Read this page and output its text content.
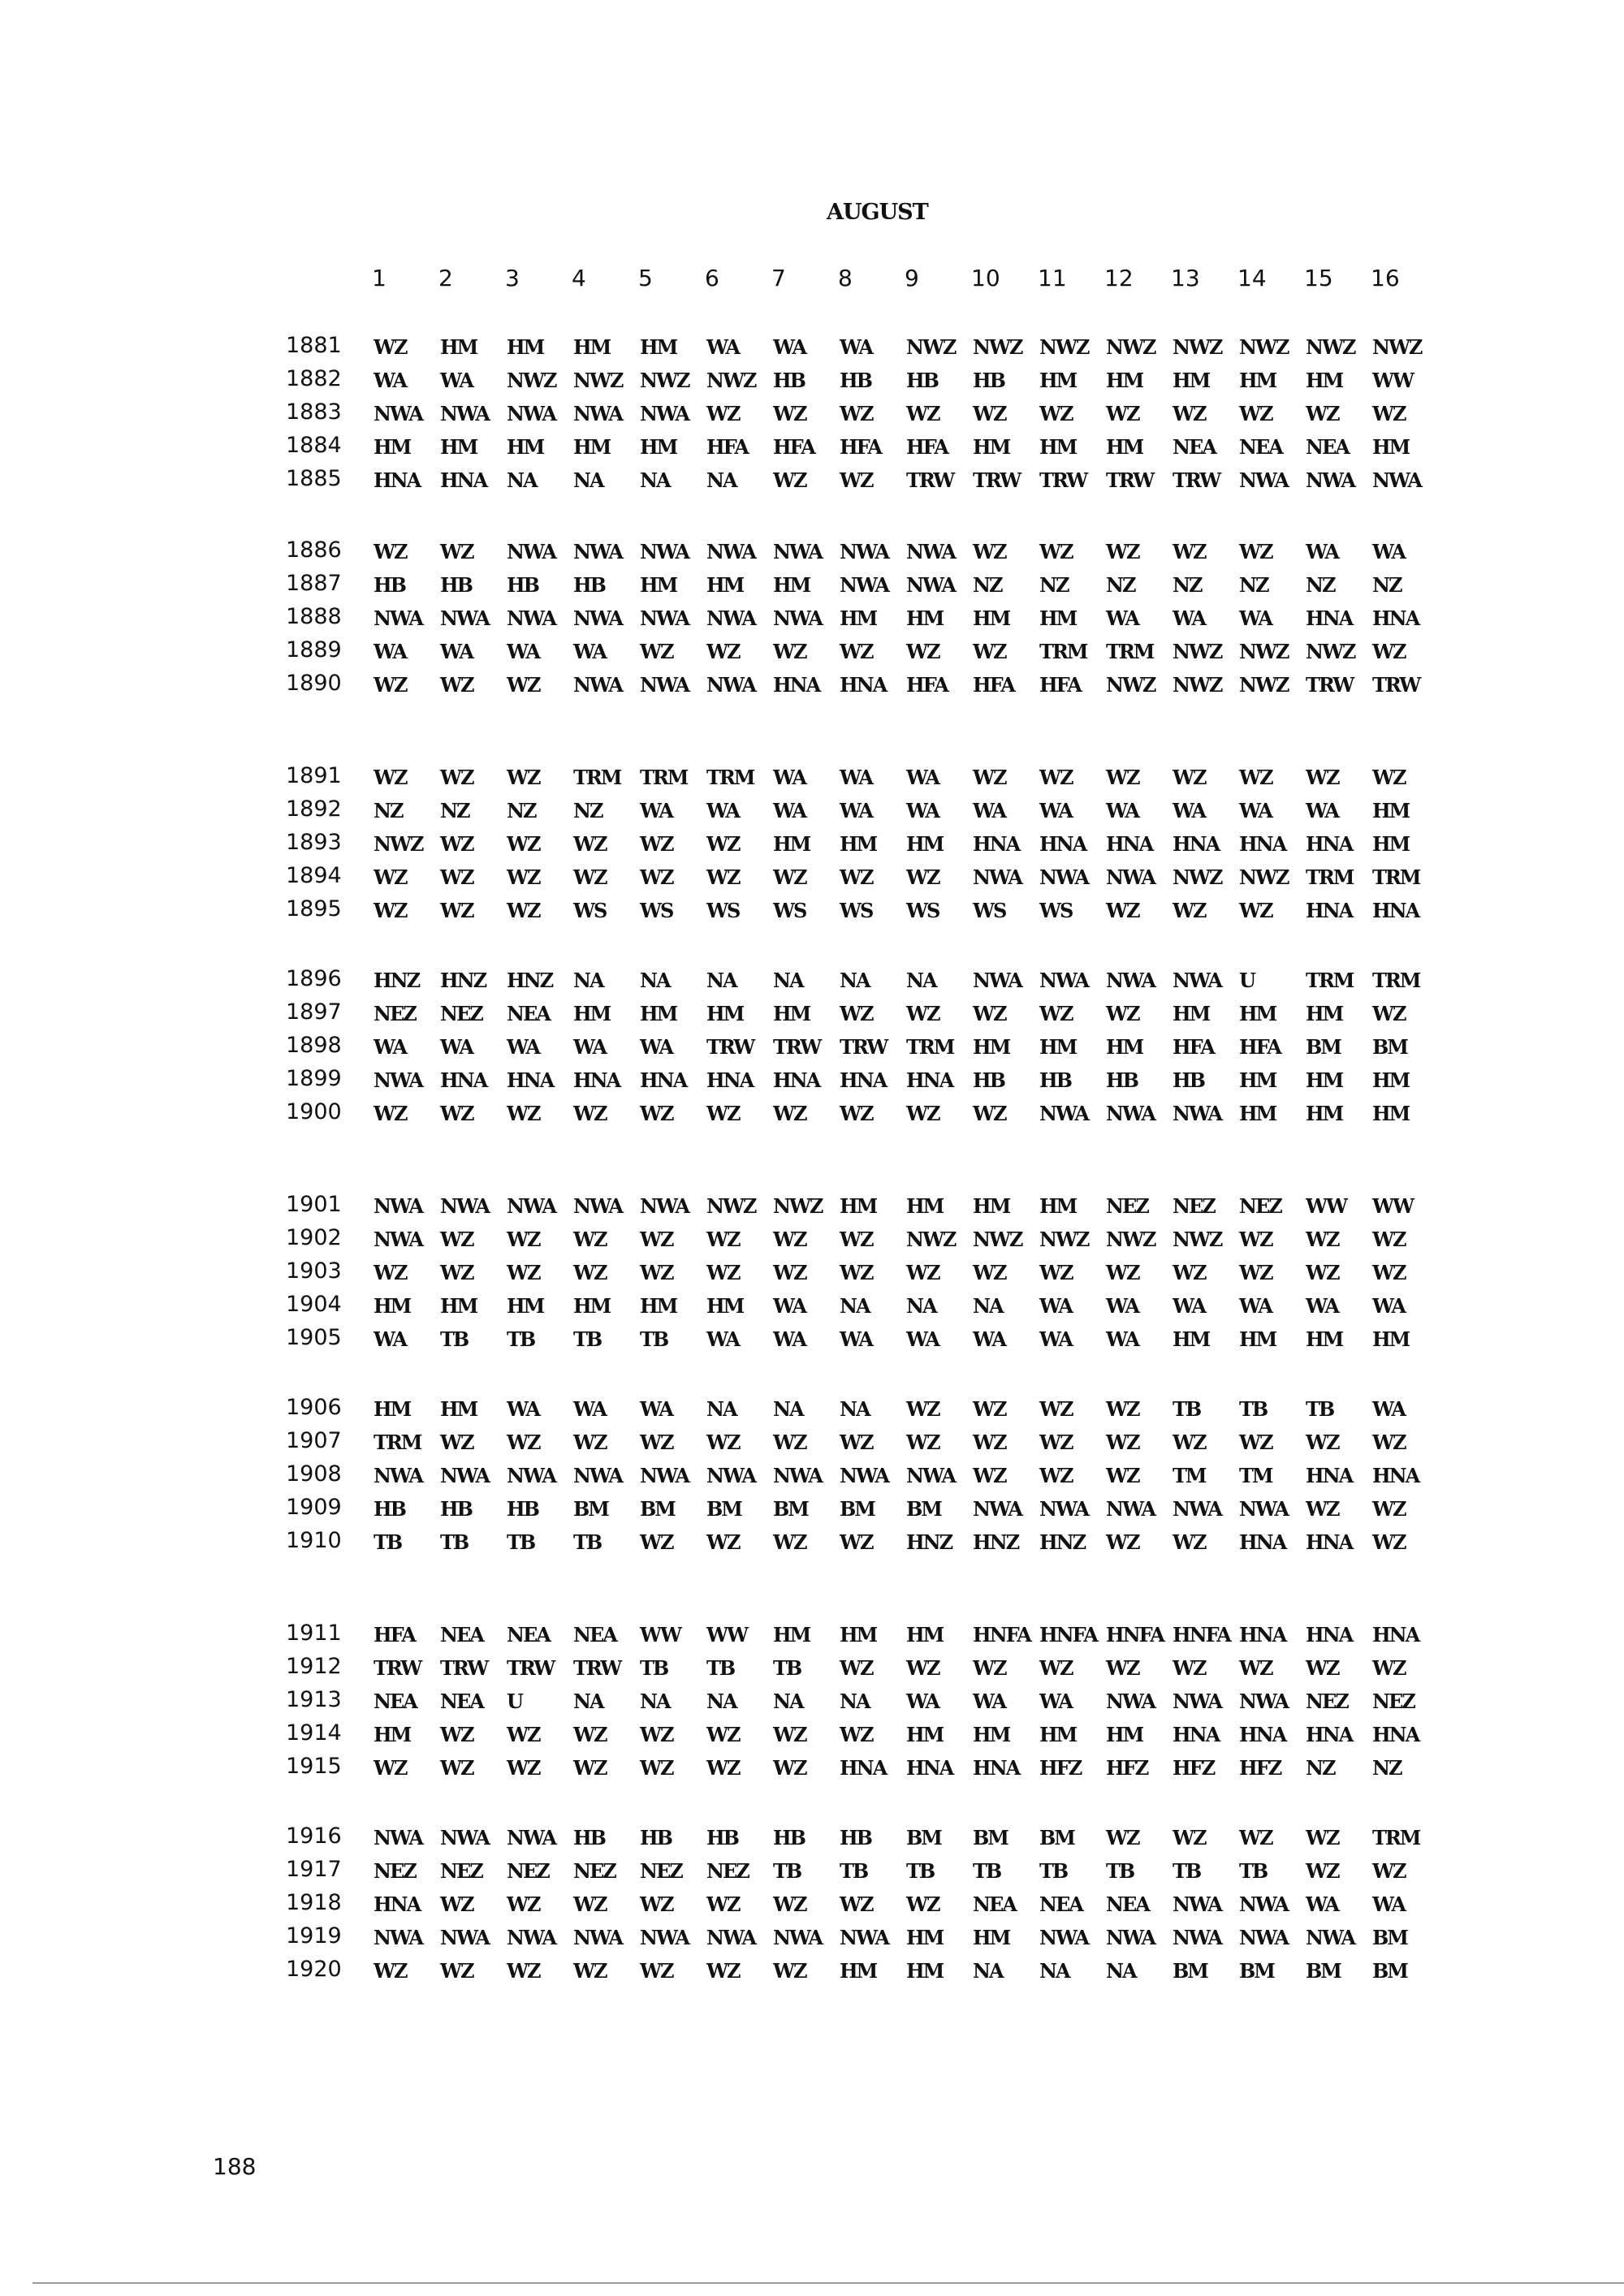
AUGUST
1	2	3	4	5	6	7	8	9	10	11	12	13	14	15	16
1881	WZ HM HM HM HM WA WA WA NWZ NWZ NWZ NWZ NWZ NWZ NWZ NWZ
1882	WA WA NWZ NWZ NWZ NWZ HB HB HB HB HM HM HM HM HM WW
1883	NWA NWA NWA NWA NWA WZ WZ WZ WZ WZ WZ WZ WZ WZ WZ WZ
1884	HM HM HM HM HM HFA HFA HFA HFA HM HM HM NEA NEA NEA HM
1885	HNA HNA NA NA NA NA WZ WZ TRW TRW TRW TRW TRW NWA NWA NWA
1886	WZ WZ NWA NWA NWA NWA NWA NWA NWA WZ WZ WZ WZ WZ WA WA
1887	HB HB HB HB HM HM HM NWA NWA NZ NZ NZ NZ NZ NZ NZ
1888	NWA NWA NWA NWA NWA NWA NWA HM HM HM HM WA WA WA HNA HNA
1889	WA WA WA WA WZ WZ WZ WZ WZ WZ TRM TRM NWZ NWZ NWZ WZ
1890	WZ WZ WZ NWA NWA NWA HNA HNA HFA HFA HFA NWZ NWZ NWZ TRW TRW
1891	WZ WZ WZ TRM TRM TRM WA WA WA WZ WZ WZ WZ WZ WZ WZ
1892	NZ NZ NZ NZ WA WA WA WA WA WA WA WA WA WA WA HM
1893	NWZ WZ WZ WZ WZ WZ HM HM HM HNA HNA HNA HNA HNA HNA HM
1894	WZ WZ WZ WZ WZ WZ WZ WZ WZ NWA NWA NWA NWZ NWZ TRM TRM
1895	WZ WZ WZ WS WS WS WS WS WS WS WS WZ WZ WZ HNA HNA
1896	HNZ HNZ HNZ NA NA NA NA NA NA NWA NWA NWA NWA U	TRM TRM
1897	NEZ NEZ NEA HM HM HM HM WZ WZ WZ WZ WZ HM HM HM WZ
1898	WA WA WA WA WA TRW TRW TRW TRM HM HM HM HFA HFA BM BM
1899	NWA HNA HNA HNA HNA HNA HNA HNA HNA HB HB HB HB HM HM HM
1900	WZ WZ WZ WZ WZ WZ WZ WZ WZ WZ NWA NWA NWA HM HM HM
1901	NWA NWA NWA NWA NWA NWZ NWZ HM HM HM HM NEZ NEZ NEZ WW WW
1902	NWA WZ WZ WZ WZ WZ WZ WZ NWZ NWZ NWZ NWZ NWZ WZ WZ WZ
1903	WZ WZ WZ WZ WZ WZ WZ WZ WZ WZ WZ WZ WZ WZ WZ WZ
1904	HM HM HM HM HM HM WA NA NA NA WA WA WA WA WA WA
1905	WA TB TB TB TB WA WA WA WA WA WA WA HM HM HM HM
1906	HM HM WA WA WA NA NA NA WZ WZ WZ WZ TB TB TB WA
1907	TRM WZ WZ WZ WZ WZ WZ WZ WZ WZ WZ WZ WZ WZ WZ WZ
1908	NWA NWA NWA NWA NWA NWA NWA NWA NWA WZ WZ WZ TM TM HNA HNA
1909	HB HB HB BM BM BM BM BM BM NWA NWA NWA NWA NWA WZ WZ
1910	TB TB TB TB WZ WZ WZ WZ HNZ HNZ HNZ WZ WZ HNA HNA WZ
1911	HFA NEA NEA NEA WW WW HM HM HM HNFA HNFA HNFA HNFA HNA HNA HNA
1912	TRW TRW TRW TRW TB TB TB WZ WZ WZ WZ WZ WZ WZ WZ WZ
1913	NEA NEA U	NA NA NA NA NA WA WA WA NWA NWA NWA NEZ NEZ
1914	HM WZ WZ WZ WZ WZ WZ WZ HM HM HM HM HNA HNA HNA HNA
1915	WZ WZ WZ WZ WZ WZ WZ HNA HNA HNA HFZ HFZ HFZ HFZ NZ NZ
1916	NWA NWA NWA HB HB HB HB HB BM BM BM WZ WZ WZ WZ TRM
1917	NEZ NEZ NEZ NEZ NEZ NEZ TB TB TB TB TB TB TB TB WZ WZ
1918	HNA WZ WZ WZ WZ WZ WZ WZ WZ NEA NEA NEA NWA NWA WA WA
1919	NWA NWA NWA NWA NWA NWA NWA NWA HM HM NWA NWA NWA NWA NWA BM
1920	WZ WZ WZ WZ WZ WZ WZ HM HM NA NA NA BM BM BM BM
188
